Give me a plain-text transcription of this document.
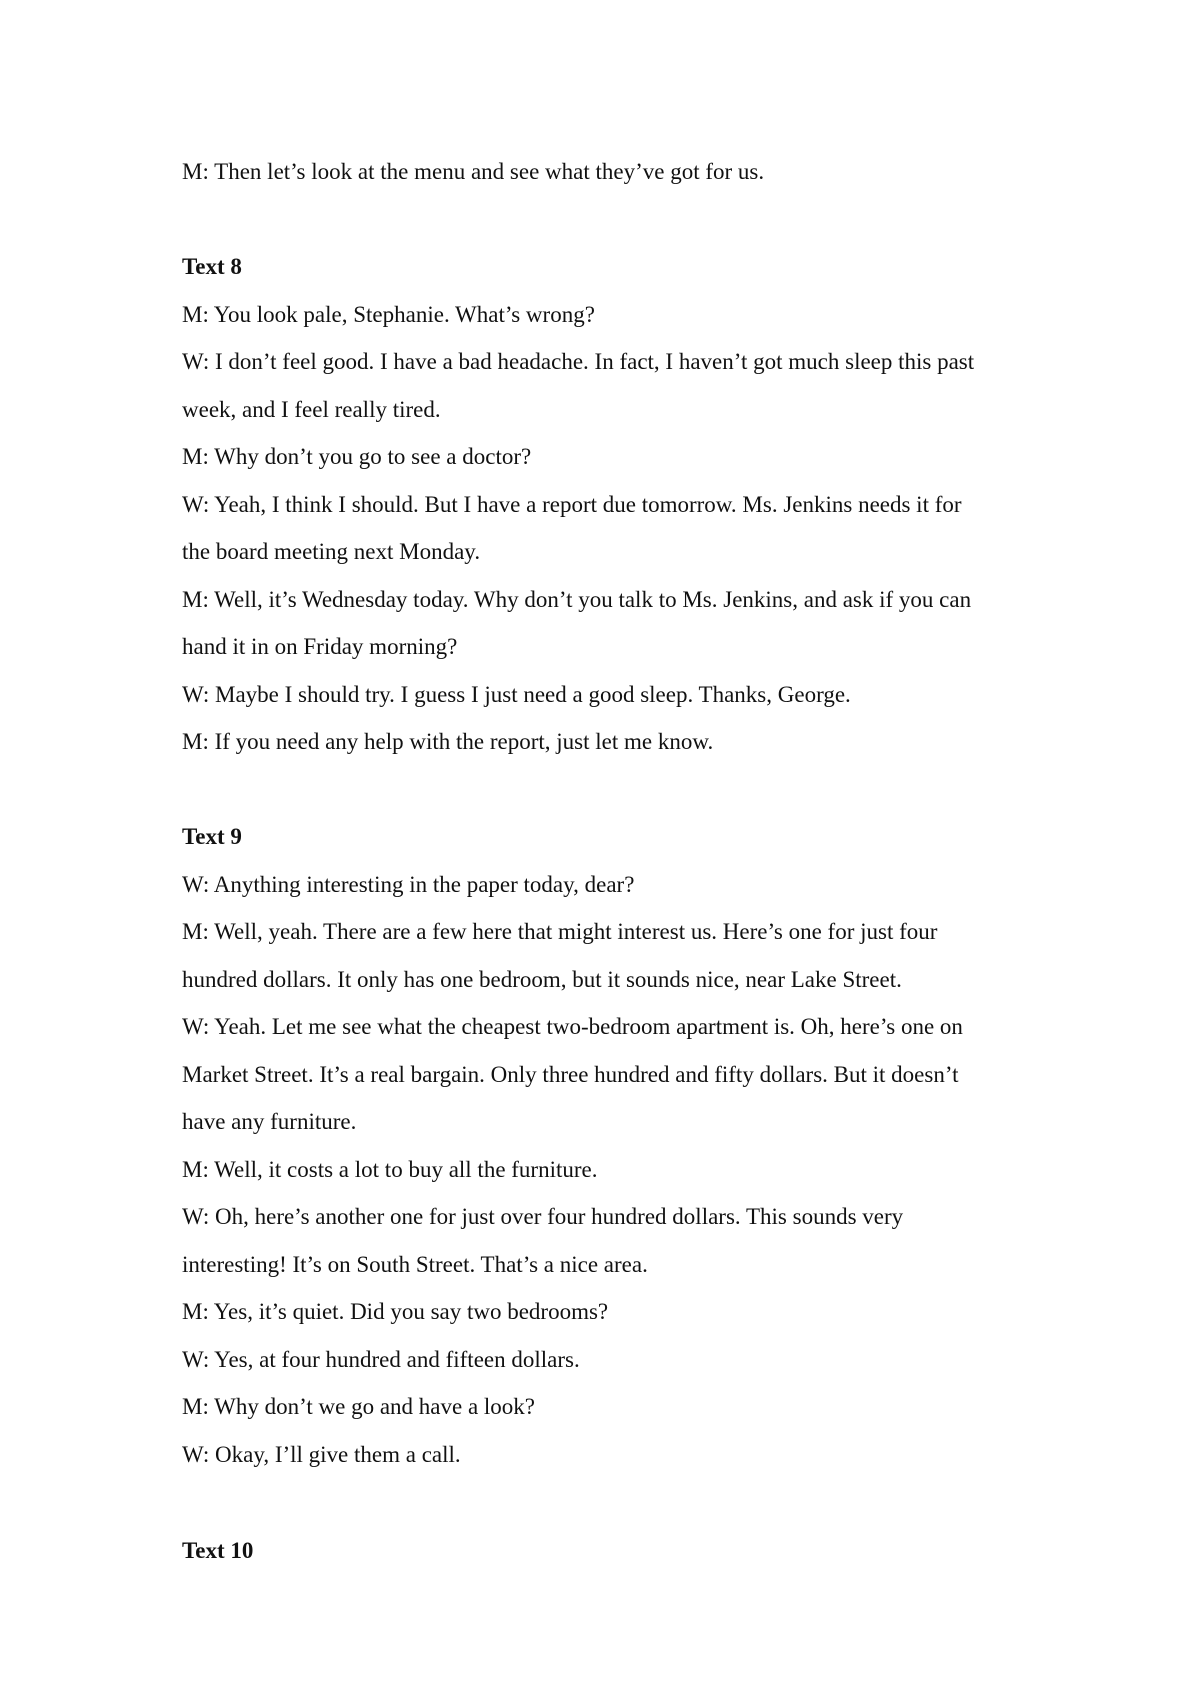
M: Then let’s look at the menu and see what they’ve got for us.
Text 8
M: You look pale, Stephanie. What’s wrong?
W: I don’t feel good. I have a bad headache. In fact, I haven’t got much sleep this past
week, and I feel really tired.
M: Why don’t you go to see a doctor?
W: Yeah, I think I should. But I have a report due tomorrow. Ms. Jenkins needs it for
the board meeting next Monday.
M: Well, it’s Wednesday today. Why don’t you talk to Ms. Jenkins, and ask if you can
hand it in on Friday morning?
W: Maybe I should try. I guess I just need a good sleep. Thanks, George.
M: If you need any help with the report, just let me know.
Text 9
W: Anything interesting in the paper today, dear?
M: Well, yeah. There are a few here that might interest us. Here’s one for just four
hundred dollars. It only has one bedroom, but it sounds nice, near Lake Street.
W: Yeah. Let me see what the cheapest two-bedroom apartment is. Oh, here’s one on
Market Street. It’s a real bargain. Only three hundred and fifty dollars. But it doesn’t
have any furniture.
M: Well, it costs a lot to buy all the furniture.
W: Oh, here’s another one for just over four hundred dollars. This sounds very
interesting! It’s on South Street. That’s a nice area.
M: Yes, it’s quiet. Did you say two bedrooms?
W: Yes, at four hundred and fifteen dollars.
M: Why don’t we go and have a look?
W: Okay, I’ll give them a call.
Text 10
